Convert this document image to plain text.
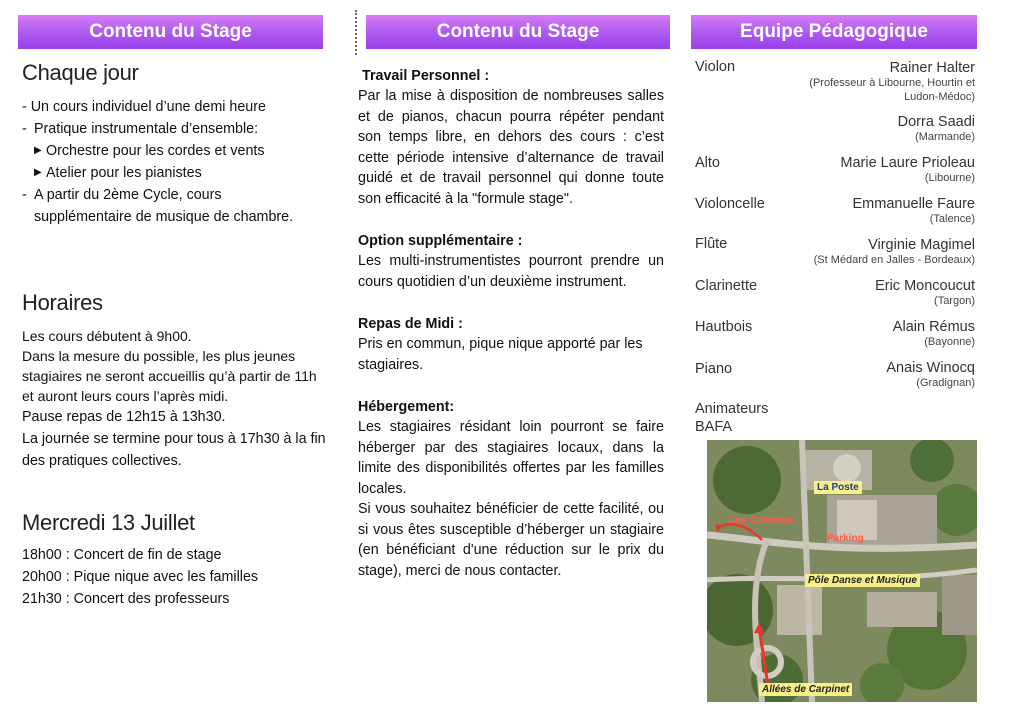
Contenu du Stage	Contenu du Stage	Equipe Pédagogique
Chaque jour
- Un cours individuel d’une demi heure
- Pratique instrumentale d’ensemble:
▶ Orchestre pour les cordes et vents
▶ Atelier pour les pianistes
- A partir du 2ème Cycle, cours
supplémentaire de musique de chambre.
Horaires
Les cours débutent à 9h00.
Dans la mesure du possible, les plus jeunes stagiaires ne seront accueillis qu’à partir de 11h et auront leurs cours l’après midi.
Pause repas de 12h15 à 13h30.
La journée se termine pour tous à 17h30 à la fin des pratiques collectives.
Mercredi 13 Juillet
18h00 : Concert de fin de stage
20h00 : Pique nique avec les familles
21h30 : Concert des professeurs
Travail Personnel :
Par la mise à disposition de nombreuses salles et de pianos, chacun pourra répéter pendant son temps libre, en dehors des cours : c’est cette période intensive d’alternance de travail guidé et de travail personnel qui donne toute son efficacité à la "formule stage".
Option supplémentaire :
Les multi-instrumentistes pourront prendre un cours quotidien d’un deuxième instrument.
Repas de Midi :
Pris en commun, pique nique apporté par les stagiaires.
Hébergement:
Les stagiaires résidant loin pourront se faire héberger par des stagiaires locaux, dans la limite des disponibilités offertes par les familles locales.
Si vous souhaitez bénéficier de cette facilité, ou si vous êtes susceptible d’héberger un stagiaire (en bénéficiant d'une réduction sur le prix du stage), merci de nous contacter.
Violon	Rainer Halter
(Professeur à Libourne, Hourtin et
Ludon-Médoc)
Dorra Saadi
(Marmande)
Alto	Marie Laure Prioleau
(Libourne)
Violoncelle	Emmanuelle Faure
(Talence)
Flûte	Virginie Magimel
(St Médard en Jalles - Bordeaux)
Clarinette	Eric Moncoucut
(Targon)
Hautbois	Alain Rémus
(Bayonne)
Piano	Anais Winocq
(Gradignan)
Animateurs
BAFA
La Poste
Les Colonnes
Parking
Pôle Danse et Musique
Allées de Carpinet
